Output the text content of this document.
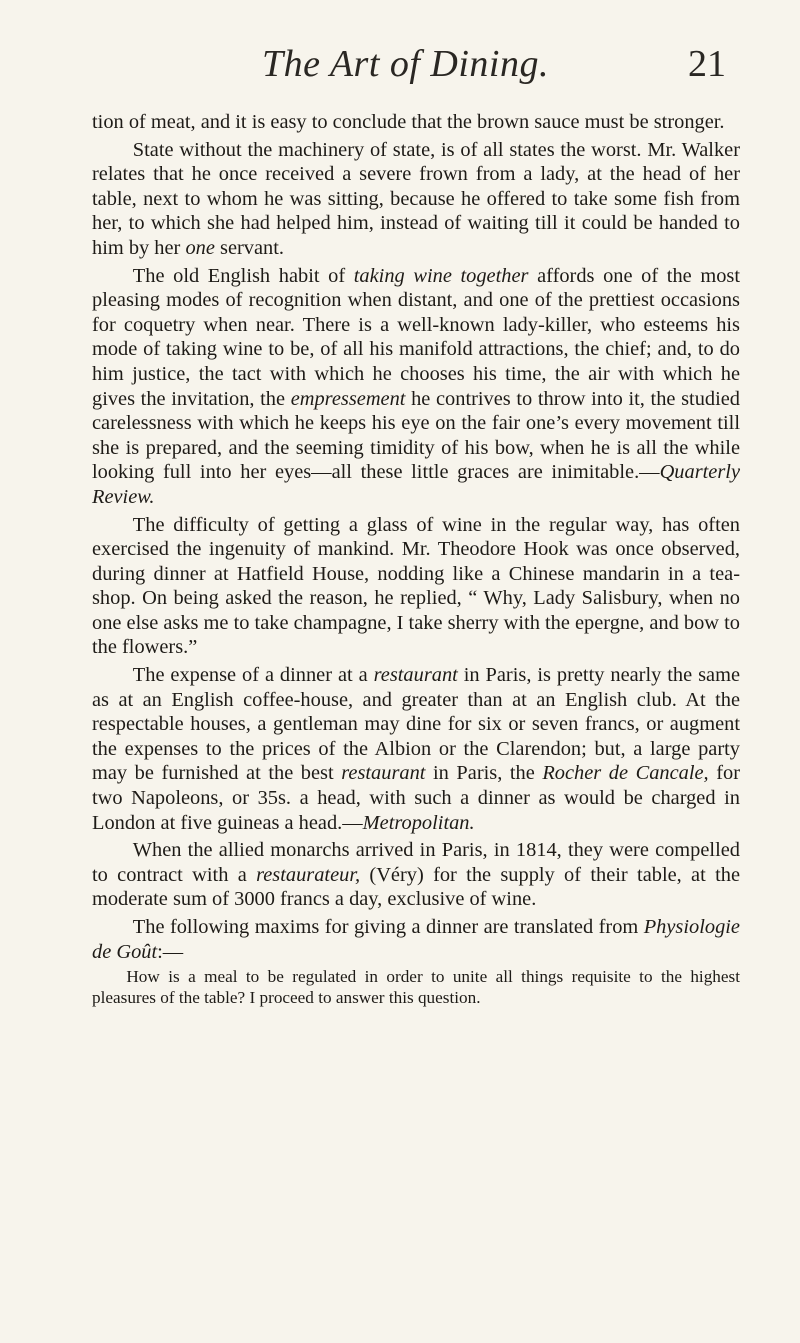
The Art of Dining.	21

tion of meat, and it is easy to conclude that the brown sauce must be stronger.

State without the machinery of state, is of all states the worst. Mr. Walker relates that he once received a severe frown from a lady, at the head of her table, next to whom he was sitting, because he offered to take some fish from her, to which she had helped him, instead of waiting till it could be handed to him by her one servant.

The old English habit of taking wine together affords one of the most pleasing modes of recognition when distant, and one of the prettiest occasions for coquetry when near. There is a well-known lady-killer, who esteems his mode of taking wine to be, of all his manifold attractions, the chief; and, to do him justice, the tact with which he chooses his time, the air with which he gives the invitation, the empressement he contrives to throw into it, the studied carelessness with which he keeps his eye on the fair one’s every movement till she is prepared, and the seeming timidity of his bow, when he is all the while looking full into her eyes—all these little graces are inimitable.—Quarterly Review.

The difficulty of getting a glass of wine in the regular way, has often exercised the ingenuity of mankind. Mr. Theodore Hook was once observed, during dinner at Hatfield House, nodding like a Chinese mandarin in a tea-shop. On being asked the reason, he replied, “ Why, Lady Salisbury, when no one else asks me to take champagne, I take sherry with the epergne, and bow to the flowers.”

The expense of a dinner at a restaurant in Paris, is pretty nearly the same as at an English coffee-house, and greater than at an English club. At the respectable houses, a gentleman may dine for six or seven francs, or augment the expenses to the prices of the Albion or the Clarendon; but, a large party may be furnished at the best restaurant in Paris, the Rocher de Cancale, for two Napoleons, or 35s. a head, with such a dinner as would be charged in London at five guineas a head.—Metropolitan.

When the allied monarchs arrived in Paris, in 1814, they were compelled to contract with a restaurateur, (Véry) for the supply of their table, at the moderate sum of 3000 francs a day, exclusive of wine.

The following maxims for giving a dinner are translated from Physiologie de Goût:—

How is a meal to be regulated in order to unite all things requisite to the highest pleasures of the table? I proceed to answer this question.
